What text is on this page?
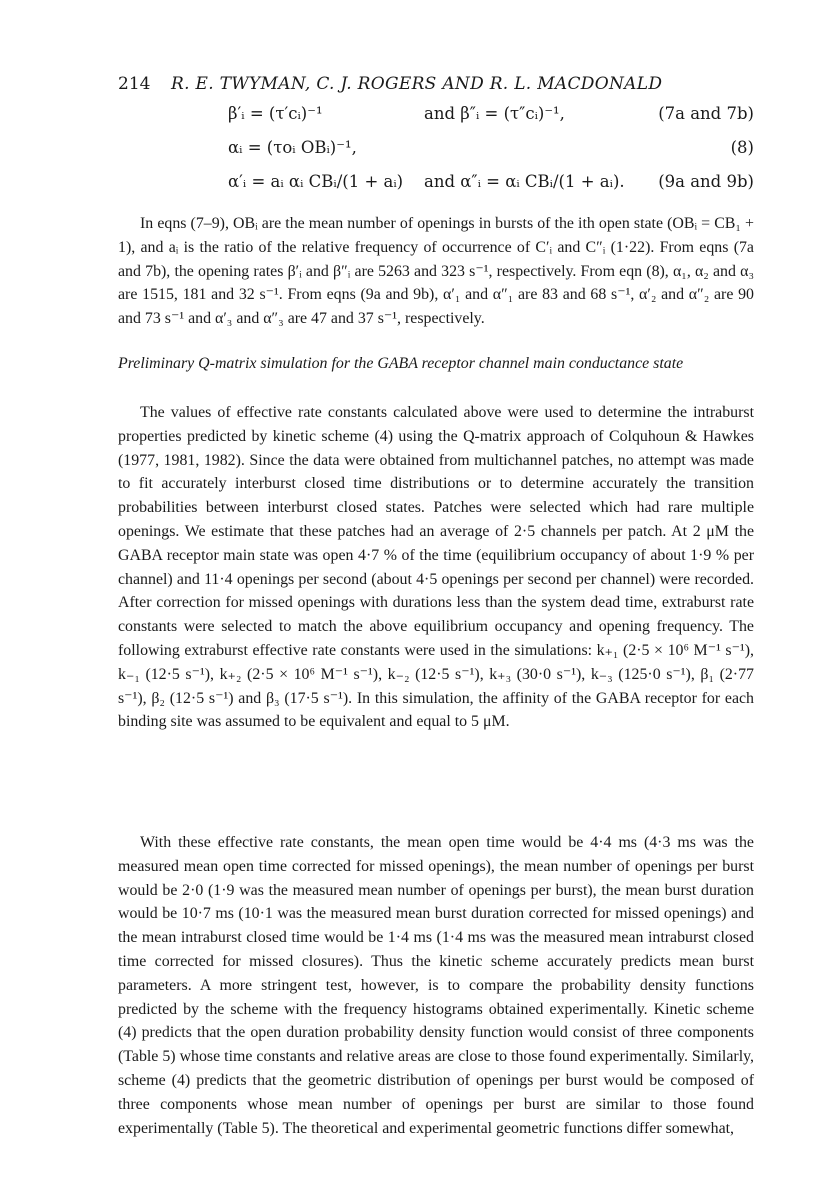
214 R. E. TWYMAN, C. J. ROGERS AND R. L. MACDONALD
β′ᵢ = (τ′cᵢ)⁻¹	and β″ᵢ = (τ″cᵢ)⁻¹,	(7a and 7b)
αᵢ = (τoᵢ OBᵢ)⁻¹,	(8)
α′ᵢ = aᵢ αᵢ CBᵢ/(1 + aᵢ) and α″ᵢ = αᵢ CBᵢ/(1 + aᵢ). (9a and 9b)

In eqns (7–9), OBᵢ are the mean number of openings in bursts of the ith open state (OBᵢ = CB₁ + 1), and aᵢ is the ratio of the relative frequency of occurrence of C′ᵢ and C″ᵢ (1·22). From eqns (7a and 7b), the opening rates β′ᵢ and β″ᵢ are 5263 and 323 s⁻¹, respectively. From eqn (8), α₁, α₂ and α₃ are 1515, 181 and 32 s⁻¹. From eqns (9a and 9b), α′₁ and α″₁ are 83 and 68 s⁻¹, α′₂ and α″₂ are 90 and 73 s⁻¹ and α′₃ and α″₃ are 47 and 37 s⁻¹, respectively.

Preliminary Q-matrix simulation for the GABA receptor channel main conductance state

The values of effective rate constants calculated above were used to determine the intraburst properties predicted by kinetic scheme (4) using the Q-matrix approach of Colquhoun & Hawkes (1977, 1981, 1982). Since the data were obtained from multichannel patches, no attempt was made to fit accurately interburst closed time distributions or to determine accurately the transition probabilities between interburst closed states. Patches were selected which had rare multiple openings. We estimate that these patches had an average of 2·5 channels per patch. At 2 μM the GABA receptor main state was open 4·7 % of the time (equilibrium occupancy of about 1·9 % per channel) and 11·4 openings per second (about 4·5 openings per second per channel) were recorded. After correction for missed openings with durations less than the system dead time, extraburst rate constants were selected to match the above equilibrium occupancy and opening frequency. The following extraburst effective rate constants were used in the simulations: k₊₁ (2·5 × 10⁶ M⁻¹ s⁻¹), k₋₁ (12·5 s⁻¹), k₊₂ (2·5 × 10⁶ M⁻¹ s⁻¹), k₋₂ (12·5 s⁻¹), k₊₃ (30·0 s⁻¹), k₋₃ (125·0 s⁻¹), β₁ (2·77 s⁻¹), β₂ (12·5 s⁻¹) and β₃ (17·5 s⁻¹). In this simulation, the affinity of the GABA receptor for each binding site was assumed to be equivalent and equal to 5 μM.

With these effective rate constants, the mean open time would be 4·4 ms (4·3 ms was the measured mean open time corrected for missed openings), the mean number of openings per burst would be 2·0 (1·9 was the measured mean number of openings per burst), the mean burst duration would be 10·7 ms (10·1 was the measured mean burst duration corrected for missed openings) and the mean intraburst closed time would be 1·4 ms (1·4 ms was the measured mean intraburst closed time corrected for missed closures). Thus the kinetic scheme accurately predicts mean burst parameters. A more stringent test, however, is to compare the probability density functions predicted by the scheme with the frequency histograms obtained experimentally. Kinetic scheme (4) predicts that the open duration probability density function would consist of three components (Table 5) whose time constants and relative areas are close to those found experimentally. Similarly, scheme (4) predicts that the geometric distribution of openings per burst would be composed of three components whose mean number of openings per burst are similar to those found experimentally (Table 5). The theoretical and experimental geometric functions differ somewhat,
